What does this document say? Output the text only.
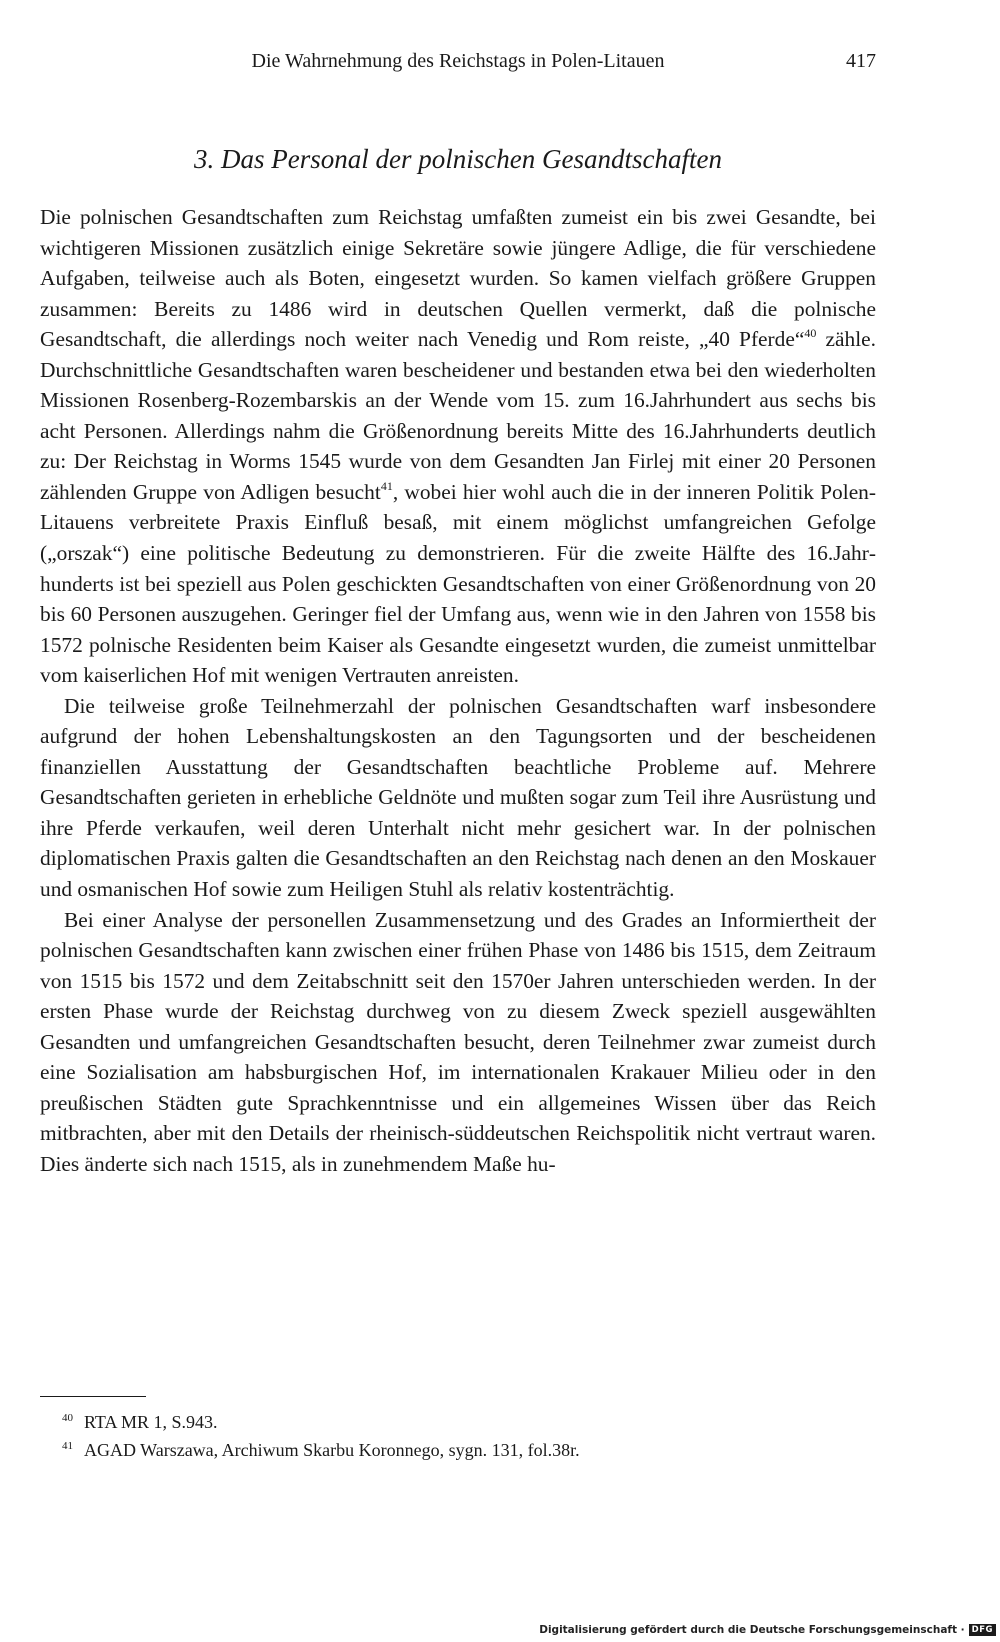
Die Wahrnehmung des Reichstags in Polen-Litauen	417
3. Das Personal der polnischen Gesandtschaften

Die polnischen Gesandtschaften zum Reichstag umfaßten zumeist ein bis zwei Gesandte, bei wichtigeren Missionen zusätzlich einige Sekretäre sowie jüngere Adlige, die für verschiedene Aufgaben, teilweise auch als Boten, eingesetzt wurden. So kamen vielfach größere Gruppen zusammen: Bereits zu 1486 wird in deutschen Quellen vermerkt, daß die polnische Gesandtschaft, die allerdings noch weiter nach Venedig und Rom reiste, „40 Pferde“$^{40}$ zähle. Durchschnittliche Gesandtschaften waren bescheidener und bestanden etwa bei den wiederholten Missionen Rosenberg-Rozembarskis an der Wende vom 15. zum 16.Jahrhundert aus sechs bis acht Personen. Allerdings nahm die Größenordnung bereits Mitte des 16.Jahrhunderts deutlich zu: Der Reichstag in Worms 1545 wurde von dem Gesandten Jan Firlej mit einer 20 Personen zählenden Gruppe von Adligen besucht$^{41}$, wobei hier wohl auch die in der inneren Politik Polen-Litauens verbreitete Praxis Einfluß besaß, mit einem möglichst umfangreichen Gefolge („orszak“) eine politische Bedeutung zu demonstrieren. Für die zweite Hälfte des 16.Jahrhunderts ist bei speziell aus Polen geschickten Gesandtschaften von einer Größenordnung von 20 bis 60 Personen auszugehen. Geringer fiel der Umfang aus, wenn wie in den Jahren von 1558 bis 1572 polnische Residenten beim Kaiser als Gesandte eingesetzt wurden, die zumeist unmittelbar vom kaiserlichen Hof mit wenigen Vertrauten anreisten.

Die teilweise große Teilnehmerzahl der polnischen Gesandtschaften warf insbesondere aufgrund der hohen Lebenshaltungskosten an den Tagungsorten und der bescheidenen finanziellen Ausstattung der Gesandtschaften beachtliche Probleme auf. Mehrere Gesandtschaften gerieten in erhebliche Geldnöte und mußten sogar zum Teil ihre Ausrüstung und ihre Pferde verkaufen, weil deren Unterhalt nicht mehr gesichert war. In der polnischen diplomatischen Praxis galten die Gesandtschaften an den Reichstag nach denen an den Moskauer und osmanischen Hof sowie zum Heiligen Stuhl als relativ kostenträchtig.

Bei einer Analyse der personellen Zusammensetzung und des Grades an Informiertheit der polnischen Gesandtschaften kann zwischen einer frühen Phase von 1486 bis 1515, dem Zeitraum von 1515 bis 1572 und dem Zeitabschnitt seit den 1570er Jahren unterschieden werden. In der ersten Phase wurde der Reichstag durchweg von zu diesem Zweck speziell ausgewählten Gesandten und umfangreichen Gesandtschaften besucht, deren Teilnehmer zwar zumeist durch eine Sozialisation am habsburgischen Hof, im internationalen Krakauer Milieu oder in den preußischen Städten gute Sprachkenntnisse und ein allgemeines Wissen über das Reich mitbrachten, aber mit den Details der rheinisch-süddeutschen Reichspolitik nicht vertraut waren. Dies änderte sich nach 1515, als in zunehmendem Maße hu-

40 RTA MR 1, S.943.
41 AGAD Warszawa, Archiwum Skarbu Koronnego, sygn. 131, fol.38r.
Digitalisierung gefördert durch die Deutsche Forschungsgemeinschaft · DFG
